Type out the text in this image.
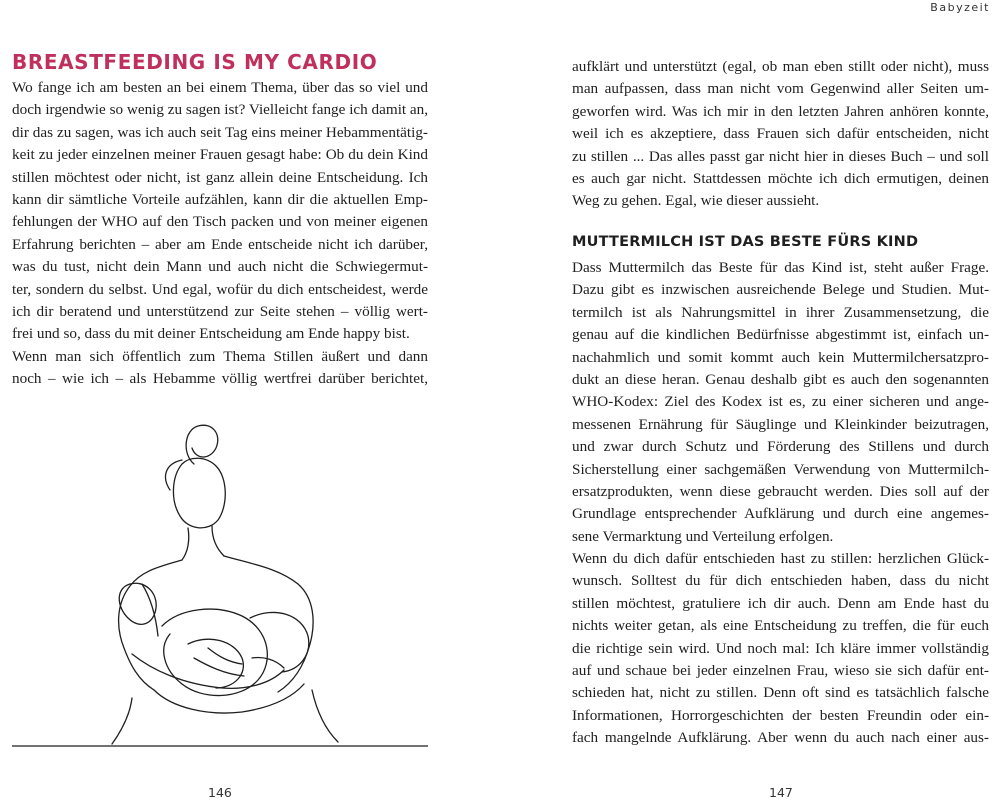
BREASTFEEDING IS MY CARDIO
Wo fange ich am besten an bei einem Thema, über das so viel und
doch irgendwie so wenig zu sagen ist? Vielleicht fange ich damit an,
dir das zu sagen, was ich auch seit Tag eins meiner Hebammentätig-
keit zu jeder einzelnen meiner Frauen gesagt habe: Ob du dein Kind
stillen möchtest oder nicht, ist ganz allein deine Entscheidung. Ich
kann dir sämtliche Vorteile aufzählen, kann dir die aktuellen Emp-
fehlungen der WHO auf den Tisch packen und von meiner eigenen
Erfahrung berichten – aber am Ende entscheide nicht ich darüber,
was du tust, nicht dein Mann und auch nicht die Schwiegermut-
ter, sondern du selbst. Und egal, wofür du dich entscheidest, werde
ich dir beratend und unterstützend zur Seite stehen – völlig wert-
frei und so, dass du mit deiner Entscheidung am Ende happy bist.
Wenn man sich öffentlich zum Thema Stillen äußert und dann
noch – wie ich – als Hebamme völlig wertfrei darüber berichtet,
146
Babyzeit
aufklärt und unterstützt (egal, ob man eben stillt oder nicht), muss
man aufpassen, dass man nicht vom Gegenwind aller Seiten um-
geworfen wird. Was ich mir in den letzten Jahren anhören konnte,
weil ich es akzeptiere, dass Frauen sich dafür entscheiden, nicht
zu stillen ... Das alles passt gar nicht hier in dieses Buch – und soll
es auch gar nicht. Stattdessen möchte ich dich ermutigen, deinen
Weg zu gehen. Egal, wie dieser aussieht.
MUTTERMILCH IST DAS BESTE FÜRS KIND
Dass Muttermilch das Beste für das Kind ist, steht außer Frage.
Dazu gibt es inzwischen ausreichende Belege und Studien. Mut-
termilch ist als Nahrungsmittel in ihrer Zusammensetzung, die
genau auf die kindlichen Bedürfnisse abgestimmt ist, einfach un-
nachahmlich und somit kommt auch kein Muttermilchersatzpro-
dukt an diese heran. Genau deshalb gibt es auch den sogenannten
WHO-Kodex: Ziel des Kodex ist es, zu einer sicheren und ange-
messenen Ernährung für Säuglinge und Kleinkinder beizutragen,
und zwar durch Schutz und Förderung des Stillens und durch
Sicherstellung einer sachgemäßen Verwendung von Muttermilch-
ersatzprodukten, wenn diese gebraucht werden. Dies soll auf der
Grundlage entsprechender Aufklärung und durch eine angemes-
sene Vermarktung und Verteilung erfolgen.
Wenn du dich dafür entschieden hast zu stillen: herzlichen Glück-
wunsch. Solltest du für dich entschieden haben, dass du nicht
stillen möchtest, gratuliere ich dir auch. Denn am Ende hast du
nichts weiter getan, als eine Entscheidung zu treffen, die für euch
die richtige sein wird. Und noch mal: Ich kläre immer vollständig
auf und schaue bei jeder einzelnen Frau, wieso sie sich dafür ent-
schieden hat, nicht zu stillen. Denn oft sind es tatsächlich falsche
Informationen, Horrorgeschichten der besten Freundin oder ein-
fach mangelnde Aufklärung. Aber wenn du auch nach einer aus-
147
